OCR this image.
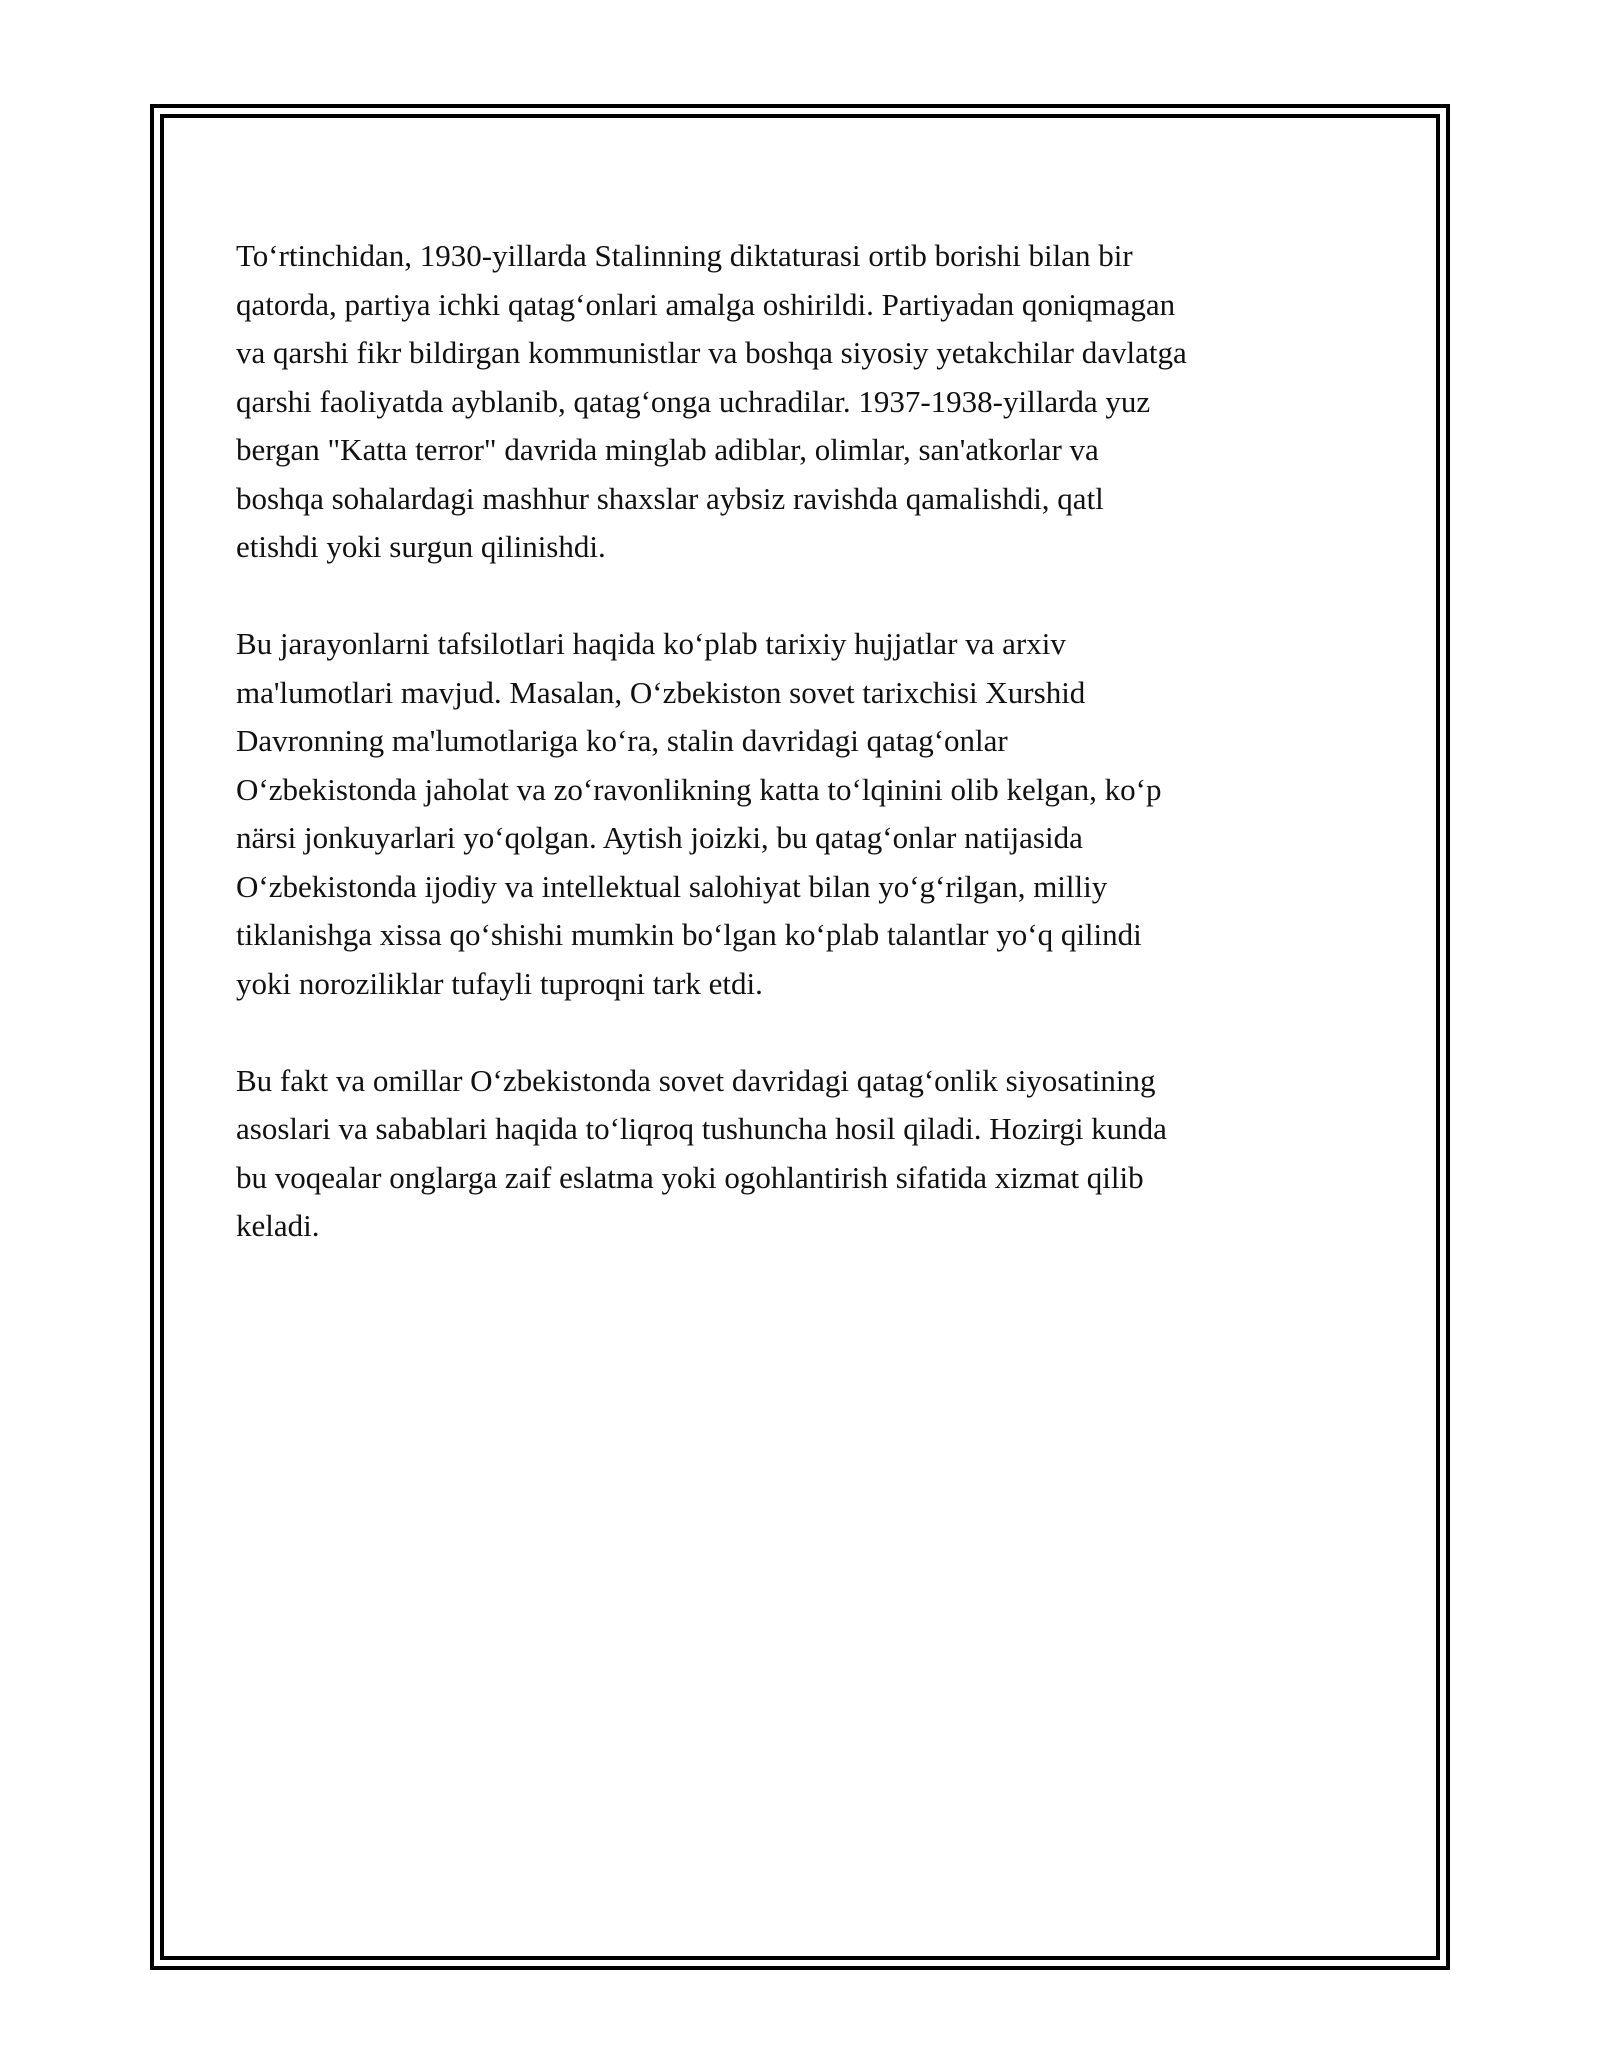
To‘rtinchidan, 1930-yillarda Stalinning diktaturasi ortib borishi bilan bir
qatorda, partiya ichki qatag‘onlari amalga oshirildi. Partiyadan qoniqmagan
va qarshi fikr bildirgan kommunistlar va boshqa siyosiy yetakchilar davlatga
qarshi faoliyatda ayblanib, qatag‘onga uchradilar. 1937-1938-yillarda yuz
bergan "Katta terror" davrida minglab adiblar, olimlar, san'atkorlar va
boshqa sohalardagi mashhur shaxslar aybsiz ravishda qamalishdi, qatl
etishdi yoki surgun qilinishdi.

Bu jarayonlarni tafsilotlari haqida ko‘plab tarixiy hujjatlar va arxiv
ma'lumotlari mavjud. Masalan, O‘zbekiston sovet tarixchisi Xurshid
Davronning ma'lumotlariga ko‘ra, stalin davridagi qatag‘onlar
O‘zbekistonda jaholat va zo‘ravonlikning katta to‘lqinini olib kelgan, ko‘p
närsi jonkuyarlari yo‘qolgan. Aytish joizki, bu qatag‘onlar natijasida
O‘zbekistonda ijodiy va intellektual salohiyat bilan yo‘g‘rilgan, milliy
tiklanishga xissa qo‘shishi mumkin bo‘lgan ko‘plab talantlar yo‘q qilindi
yoki noroziliklar tufayli tuproqni tark etdi.

Bu fakt va omillar O‘zbekistonda sovet davridagi qatag‘onlik siyosatining
asoslari va sabablari haqida to‘liqroq tushuncha hosil qiladi. Hozirgi kunda
bu voqealar onglarga zaif eslatma yoki ogohlantirish sifatida xizmat qilib
keladi.
